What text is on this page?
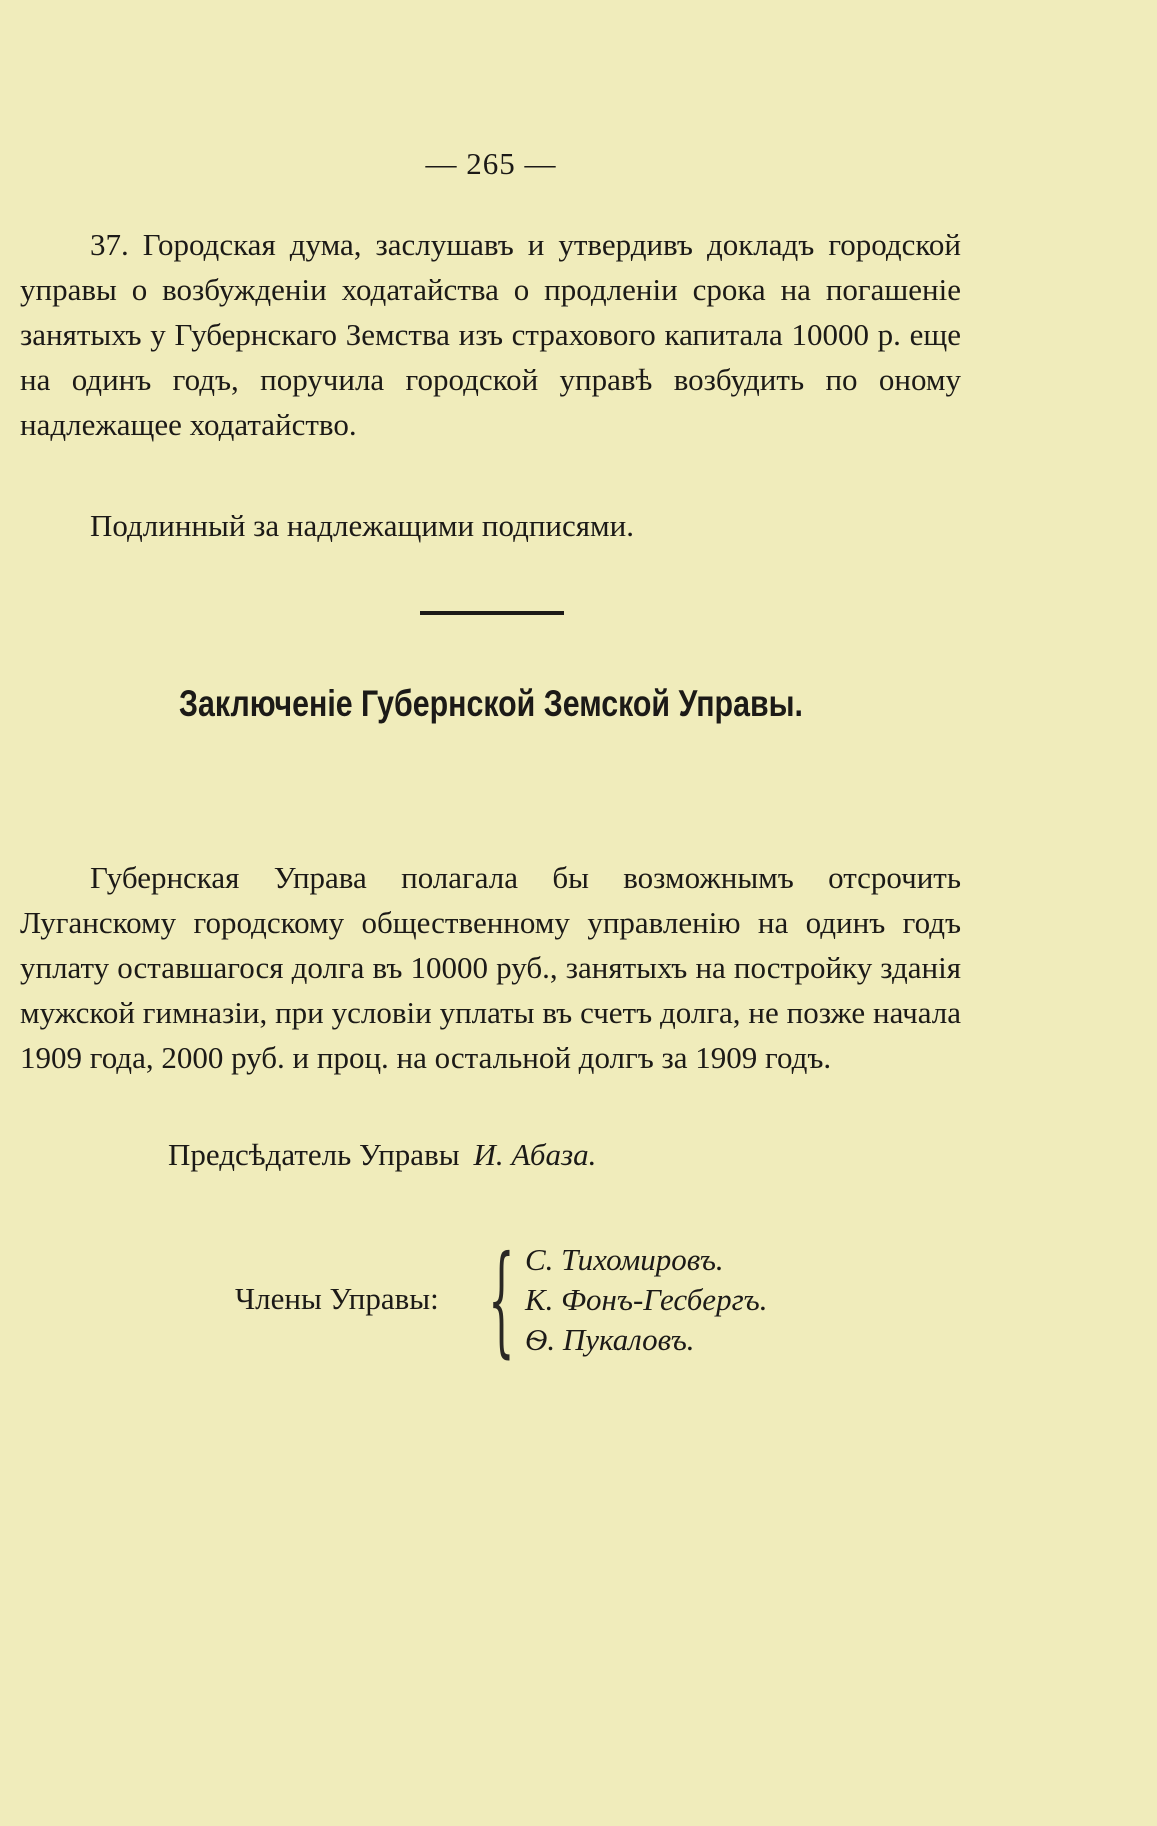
— 265 —
37. Городская дума, заслушавъ и утвердивъ докладъ городской управы о возбужденіи ходатайства о продленіи срока на погашеніе занятыхъ у Губернскаго Земства изъ страхового капитала 10000 р. еще на одинъ годъ, поручила городской управѣ возбудить по оному надлежащее ходатайство.
Подлинный за надлежащими подписями.
Заключеніе Губернской Земской Управы.
Губернская Управа полагала бы возможнымъ отсрочить Луганскому городскому общественному управленію на одинъ годъ уплату оставшагося долга въ 10000 руб., занятыхъ на постройку зданія мужской гимназіи, при условіи уплаты въ счетъ долга, не позже начала 1909 года, 2000 руб. и проц. на остальной долгъ за 1909 годъ.
Предсѣдатель Управы И. Абаза.
Члены Управы: { С. Тихомировъ.
К. Фонъ-Гесбергъ.
Ѳ. Пукаловъ.
